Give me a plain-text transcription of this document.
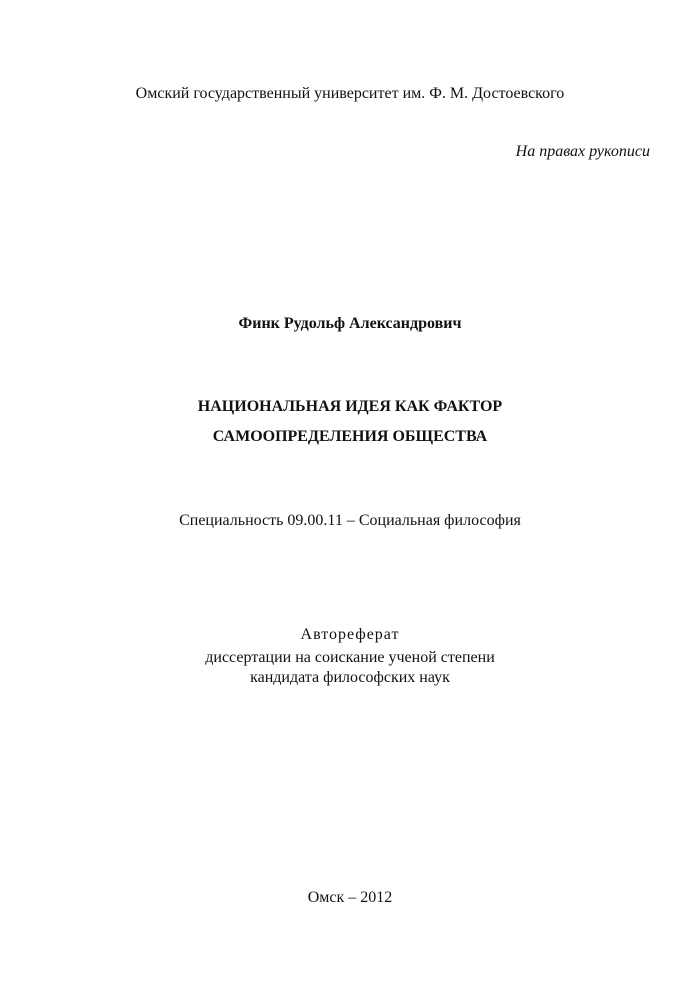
Омский государственный университет им. Ф. М. Достоевского
На правах рукописи
Финк Рудольф Александрович
НАЦИОНАЛЬНАЯ ИДЕЯ КАК ФАКТОР
САМООПРЕДЕЛЕНИЯ ОБЩЕСТВА
Специальность 09.00.11 – Социальная философия
Автореферат
диссертации на соискание ученой степени
кандидата философских наук
Омск – 2012
